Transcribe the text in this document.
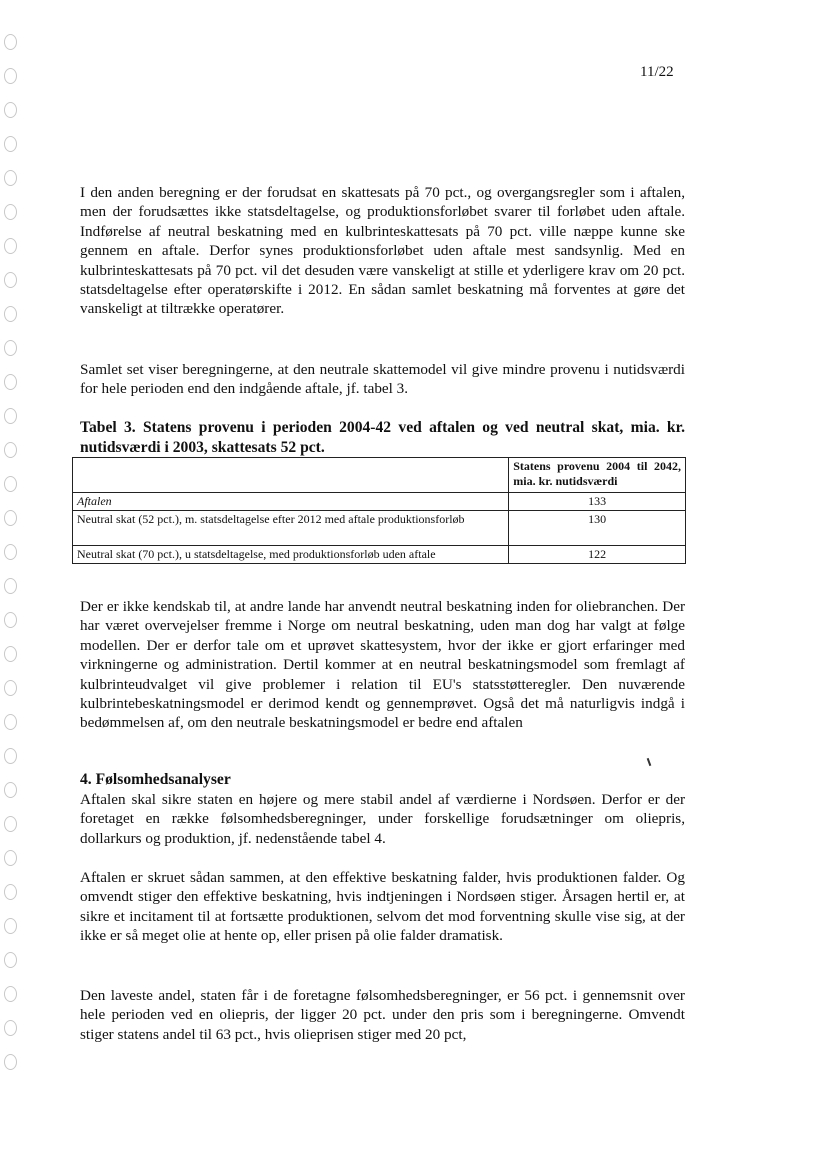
11/22
I den anden beregning er der forudsat en skattesats på 70 pct., og overgangsregler som i aftalen, men der forudsættes ikke statsdeltagelse, og produktionsforløbet svarer til forløbet uden aftale. Indførelse af neutral beskatning med en kulbrinteskattesats på 70 pct. ville næppe kunne ske gennem en aftale. Derfor synes produktionsforløbet uden aftale mest sandsynlig. Med en kulbrinteskattesats på 70 pct. vil det desuden være vanskeligt at stille et yderligere krav om 20 pct. statsdeltagelse efter operatørskifte i 2012. En sådan samlet beskatning må forventes at gøre det vanskeligt at tiltrække operatører.
Samlet set viser beregningerne, at den neutrale skattemodel vil give mindre provenu i nutidsværdi for hele perioden end den indgående aftale, jf. tabel 3.
Tabel 3. Statens provenu i perioden 2004-42 ved aftalen og ved neutral skat, mia. kr. nutidsværdi i 2003, skattesats 52 pct.
	Statens provenu 2004 til 2042, mia. kr. nutidsværdi
Aftalen	133
Neutral skat (52 pct.), m. statsdeltagelse efter 2012 med aftale produktionsforløb	130
Neutral skat (70 pct.), u statsdeltagelse, med produktionsforløb uden aftale	122
Der er ikke kendskab til, at andre lande har anvendt neutral beskatning inden for oliebranchen. Der har været overvejelser fremme i Norge om neutral beskatning, uden man dog har valgt at følge modellen. Der er derfor tale om et uprøvet skattesystem, hvor der ikke er gjort erfaringer med virkningerne og administration. Dertil kommer at en neutral beskatningsmodel som fremlagt af kulbrinteudvalget vil give problemer i relation til EU's statsstøtteregler. Den nuværende kulbrintebeskatningsmodel er derimod kendt og gennemprøvet. Også det må naturligvis indgå i bedømmelsen af, om den neutrale beskatningsmodel er bedre end aftalen
4. Følsomhedsanalyser
Aftalen skal sikre staten en højere og mere stabil andel af værdierne i Nordsøen. Derfor er der foretaget en række følsomhedsberegninger, under forskellige forudsætninger om oliepris, dollarkurs og produktion, jf. nedenstående tabel 4.
Aftalen er skruet sådan sammen, at den effektive beskatning falder, hvis produktionen falder. Og omvendt stiger den effektive beskatning, hvis indtjeningen i Nordsøen stiger. Årsagen hertil er, at sikre et incitament til at fortsætte produktionen, selvom det mod forventning skulle vise sig, at der ikke er så meget olie at hente op, eller prisen på olie falder dramatisk.
Den laveste andel, staten får i de foretagne følsomhedsberegninger, er 56 pct. i gennemsnit over hele perioden ved en oliepris, der ligger 20 pct. under den pris som i beregningerne. Omvendt stiger statens andel til 63 pct., hvis olieprisen stiger med 20 pct,
